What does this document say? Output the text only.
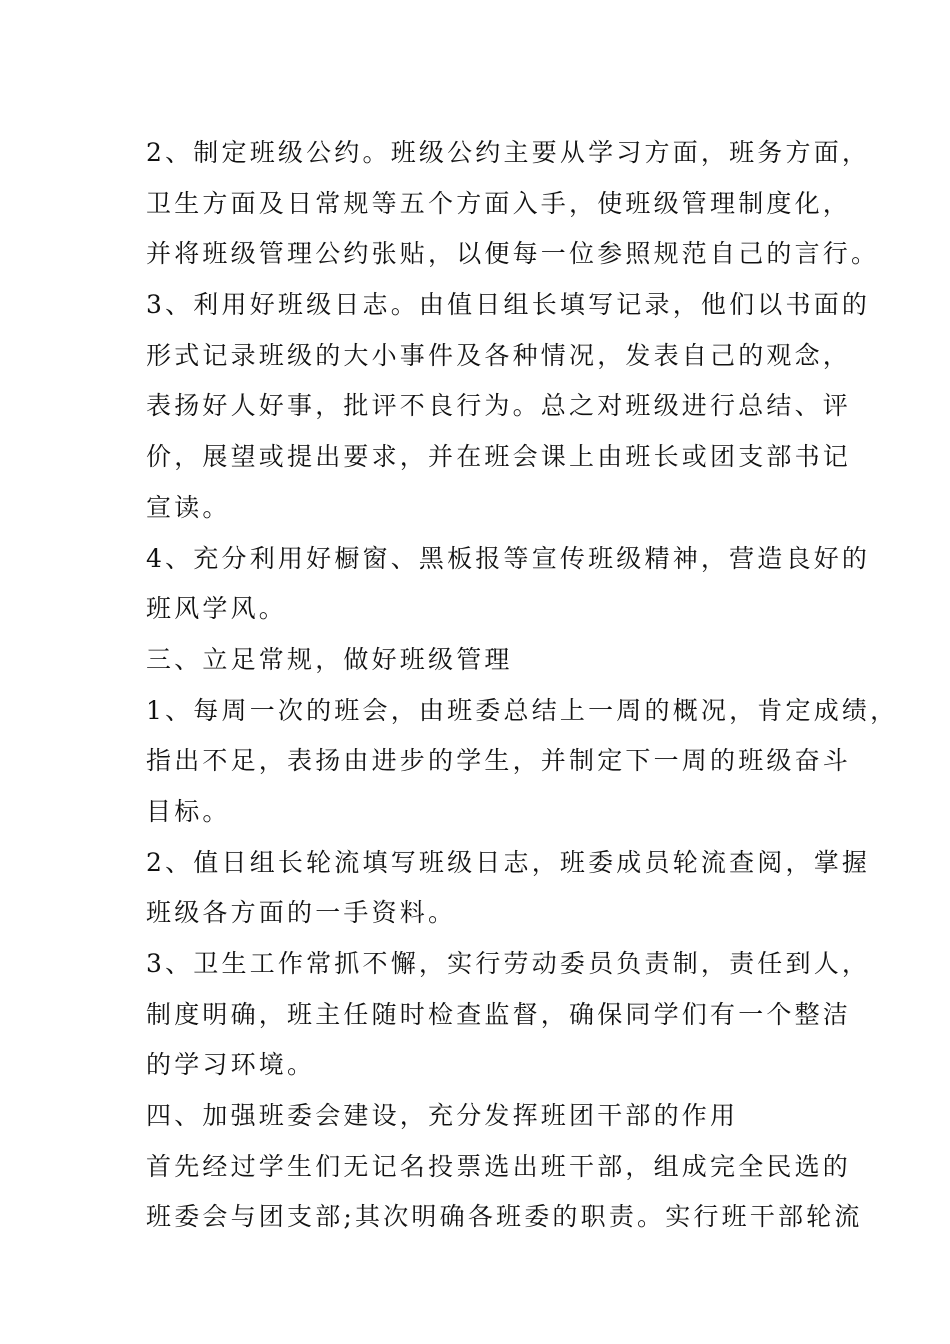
2、制定班级公约。班级公约主要从学习方面，班务方面，
卫生方面及日常规等五个方面入手，使班级管理制度化，
并将班级管理公约张贴，以便每一位参照规范自己的言行。
3、利用好班级日志。由值日组长填写记录，他们以书面的
形式记录班级的大小事件及各种情况，发表自己的观念，
表扬好人好事，批评不良行为。总之对班级进行总结、评
价，展望或提出要求，并在班会课上由班长或团支部书记
宣读。
4、充分利用好橱窗、黑板报等宣传班级精神，营造良好的
班风学风。
三、立足常规，做好班级管理
1、每周一次的班会，由班委总结上一周的概况，肯定成绩，
指出不足，表扬由进步的学生，并制定下一周的班级奋斗
目标。
2、值日组长轮流填写班级日志，班委成员轮流查阅，掌握
班级各方面的一手资料。
3、卫生工作常抓不懈，实行劳动委员负责制，责任到人，
制度明确，班主任随时检查监督，确保同学们有一个整洁
的学习环境。
四、加强班委会建设，充分发挥班团干部的作用
首先经过学生们无记名投票选出班干部，组成完全民选的
班委会与团支部;其次明确各班委的职责。实行班干部轮流
